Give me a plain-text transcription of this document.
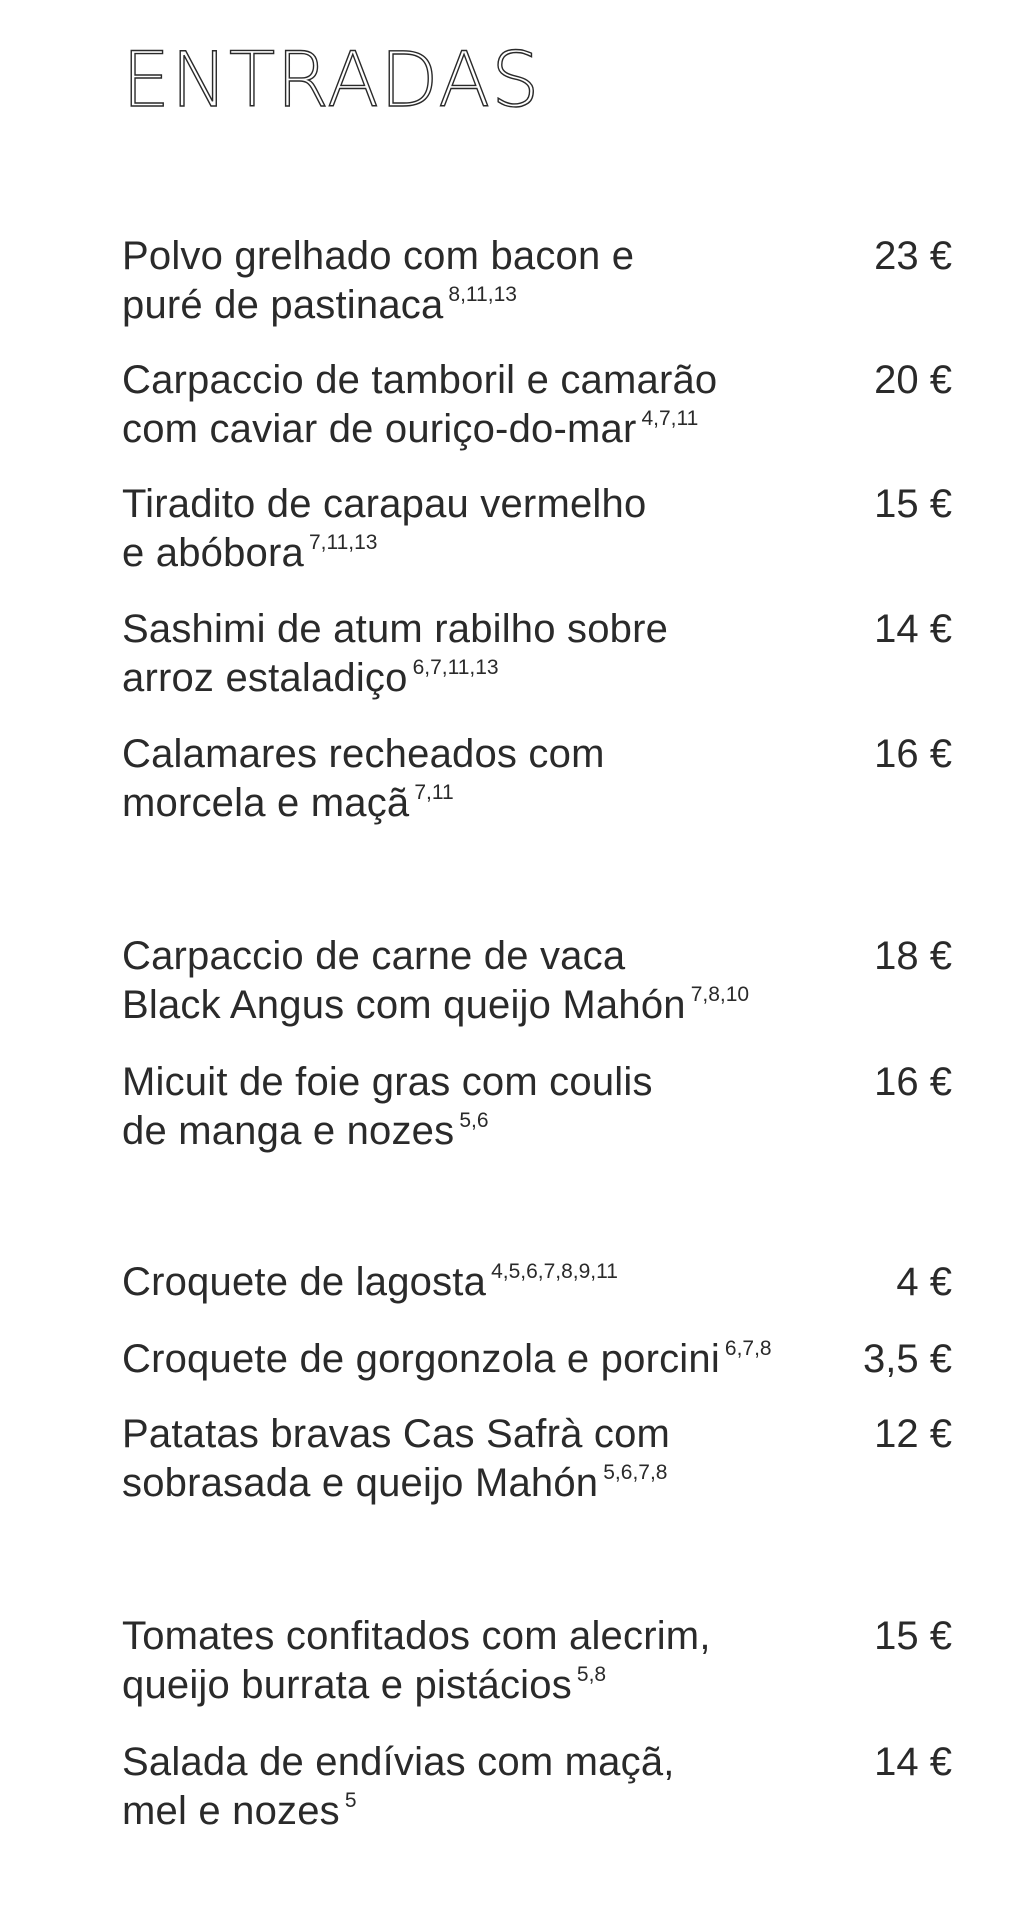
ENTRADAS
Polvo grelhado com bacon e
puré de pastinaca $^{8,11,13}$
23 €
Carpaccio de tamboril e camarão
com caviar de ouriço-do-mar $^{4,7,11}$
20 €
Tiradito de carapau vermelho
e abóbora $^{7,11,13}$
15 €
Sashimi de atum rabilho sobre
arroz estaladiço $^{6,7,11,13}$
14 €
Calamares recheados com
morcela e maçã $^{7,11}$
16 €
Carpaccio de carne de vaca
Black Angus com queijo Mahón $^{7,8,10}$
18 €
Micuit de foie gras com coulis
de manga e nozes $^{5,6}$
16 €
Croquete de lagosta $^{4,5,6,7,8,9,11}$	4 €
Croquete de gorgonzola e porcini $^{6,7,8}$ 3,5 €
Patatas bravas Cas Safrà com
sobrasada e queijo Mahón $^{5,6,7,8}$
12 €
Tomates confitados com alecrim,
queijo burrata e pistácios $^{5,8}$
15 €
Salada de endívias com maçã,
mel e nozes $^5$
14 €
